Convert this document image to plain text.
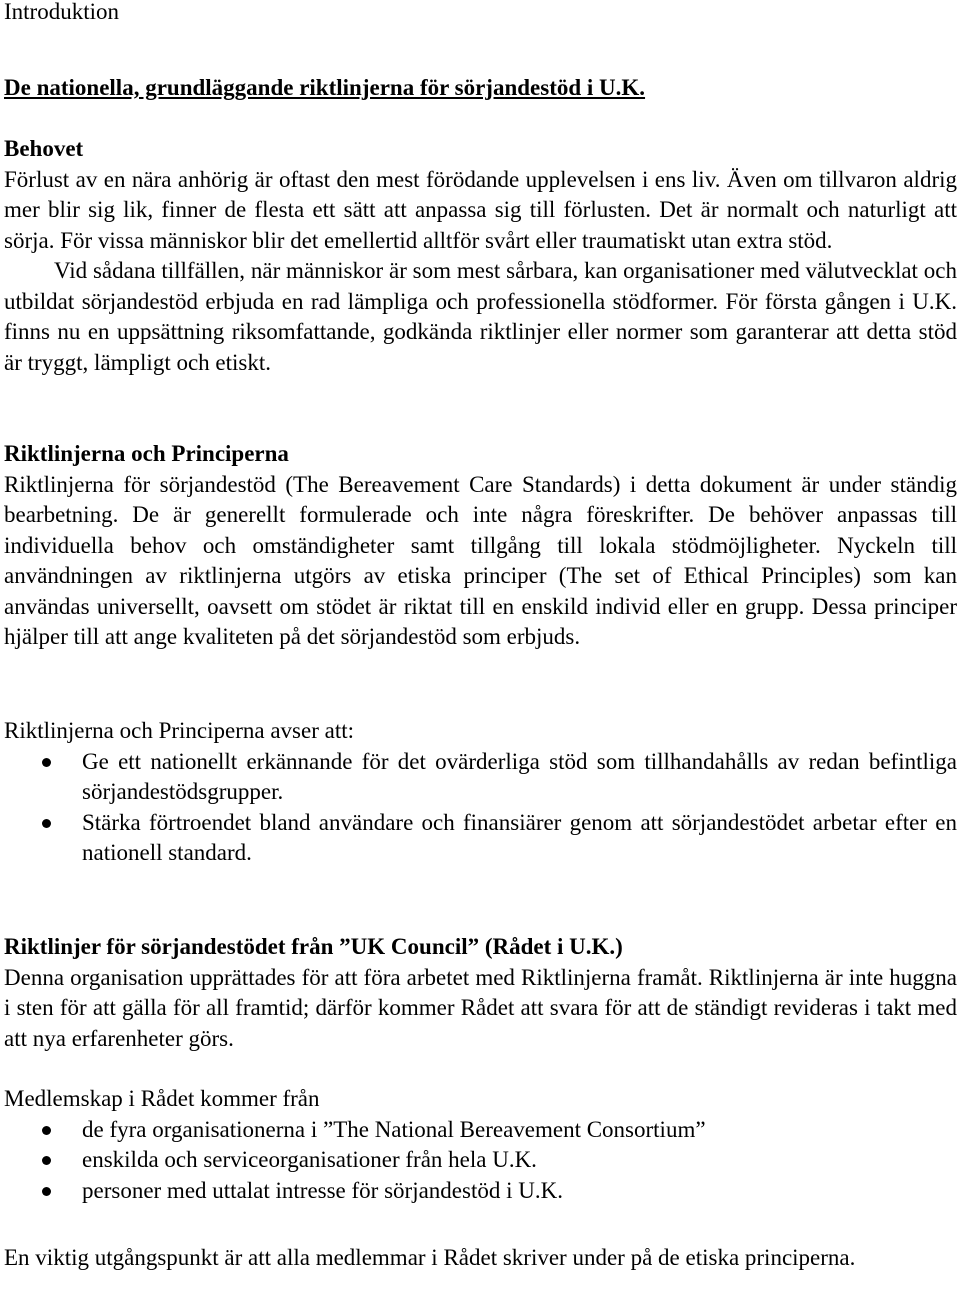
Introduktion

De nationella, grundläggande riktlinjerna för sörjandestöd i U.K.

Behovet

Förlust av en nära anhörig är oftast den mest förödande upplevelsen i ens liv. Även om tillvaron aldrig mer blir sig lik, finner de flesta ett sätt att anpassa sig till förlusten. Det är normalt och naturligt att sörja. För vissa människor blir det emellertid alltför svårt eller traumatiskt utan extra stöd.

Vid sådana tillfällen, när människor är som mest sårbara, kan organisationer med välutvecklat och utbildat sörjandestöd erbjuda en rad lämpliga och professionella stödformer. För första gången i U.K. finns nu en uppsättning riksomfattande, godkända riktlinjer eller normer som garanterar att detta stöd är tryggt, lämpligt och etiskt.

Riktlinjerna och Principerna

Riktlinjerna för sörjandestöd (The Bereavement Care Standards) i detta dokument är under ständig bearbetning. De är generellt formulerade och inte några föreskrifter. De behöver anpassas till individuella behov och omständigheter samt tillgång till lokala stödmöjligheter. Nyckeln till användningen av riktlinjerna utgörs av etiska principer (The set of Ethical Principles) som kan användas universellt, oavsett om stödet är riktat till en enskild individ eller en grupp. Dessa principer hjälper till att ange kvaliteten på det sörjandestöd som erbjuds.

Riktlinjerna och Principerna avser att:

Ge ett nationellt erkännande för det ovärderliga stöd som tillhandahålls av redan befintliga sörjandestödsgrupper.
Stärka förtroendet bland användare och finansiärer genom att sörjandestödet arbetar efter en nationell standard.

Riktlinjer för sörjandestödet från ”UK Council” (Rådet i U.K.)

Denna organisation upprättades för att föra arbetet med Riktlinjerna framåt. Riktlinjerna är inte huggna i sten för att gälla för all framtid; därför kommer Rådet att svara för att de ständigt revideras i takt med att nya erfarenheter görs.

Medlemskap i Rådet kommer från

de fyra organisationerna i ”The National Bereavement Consortium”
enskilda och serviceorganisationer från hela U.K.
personer med uttalat intresse för sörjandestöd i U.K.

En viktig utgångspunkt är att alla medlemmar i Rådet skriver under på de etiska principerna.
